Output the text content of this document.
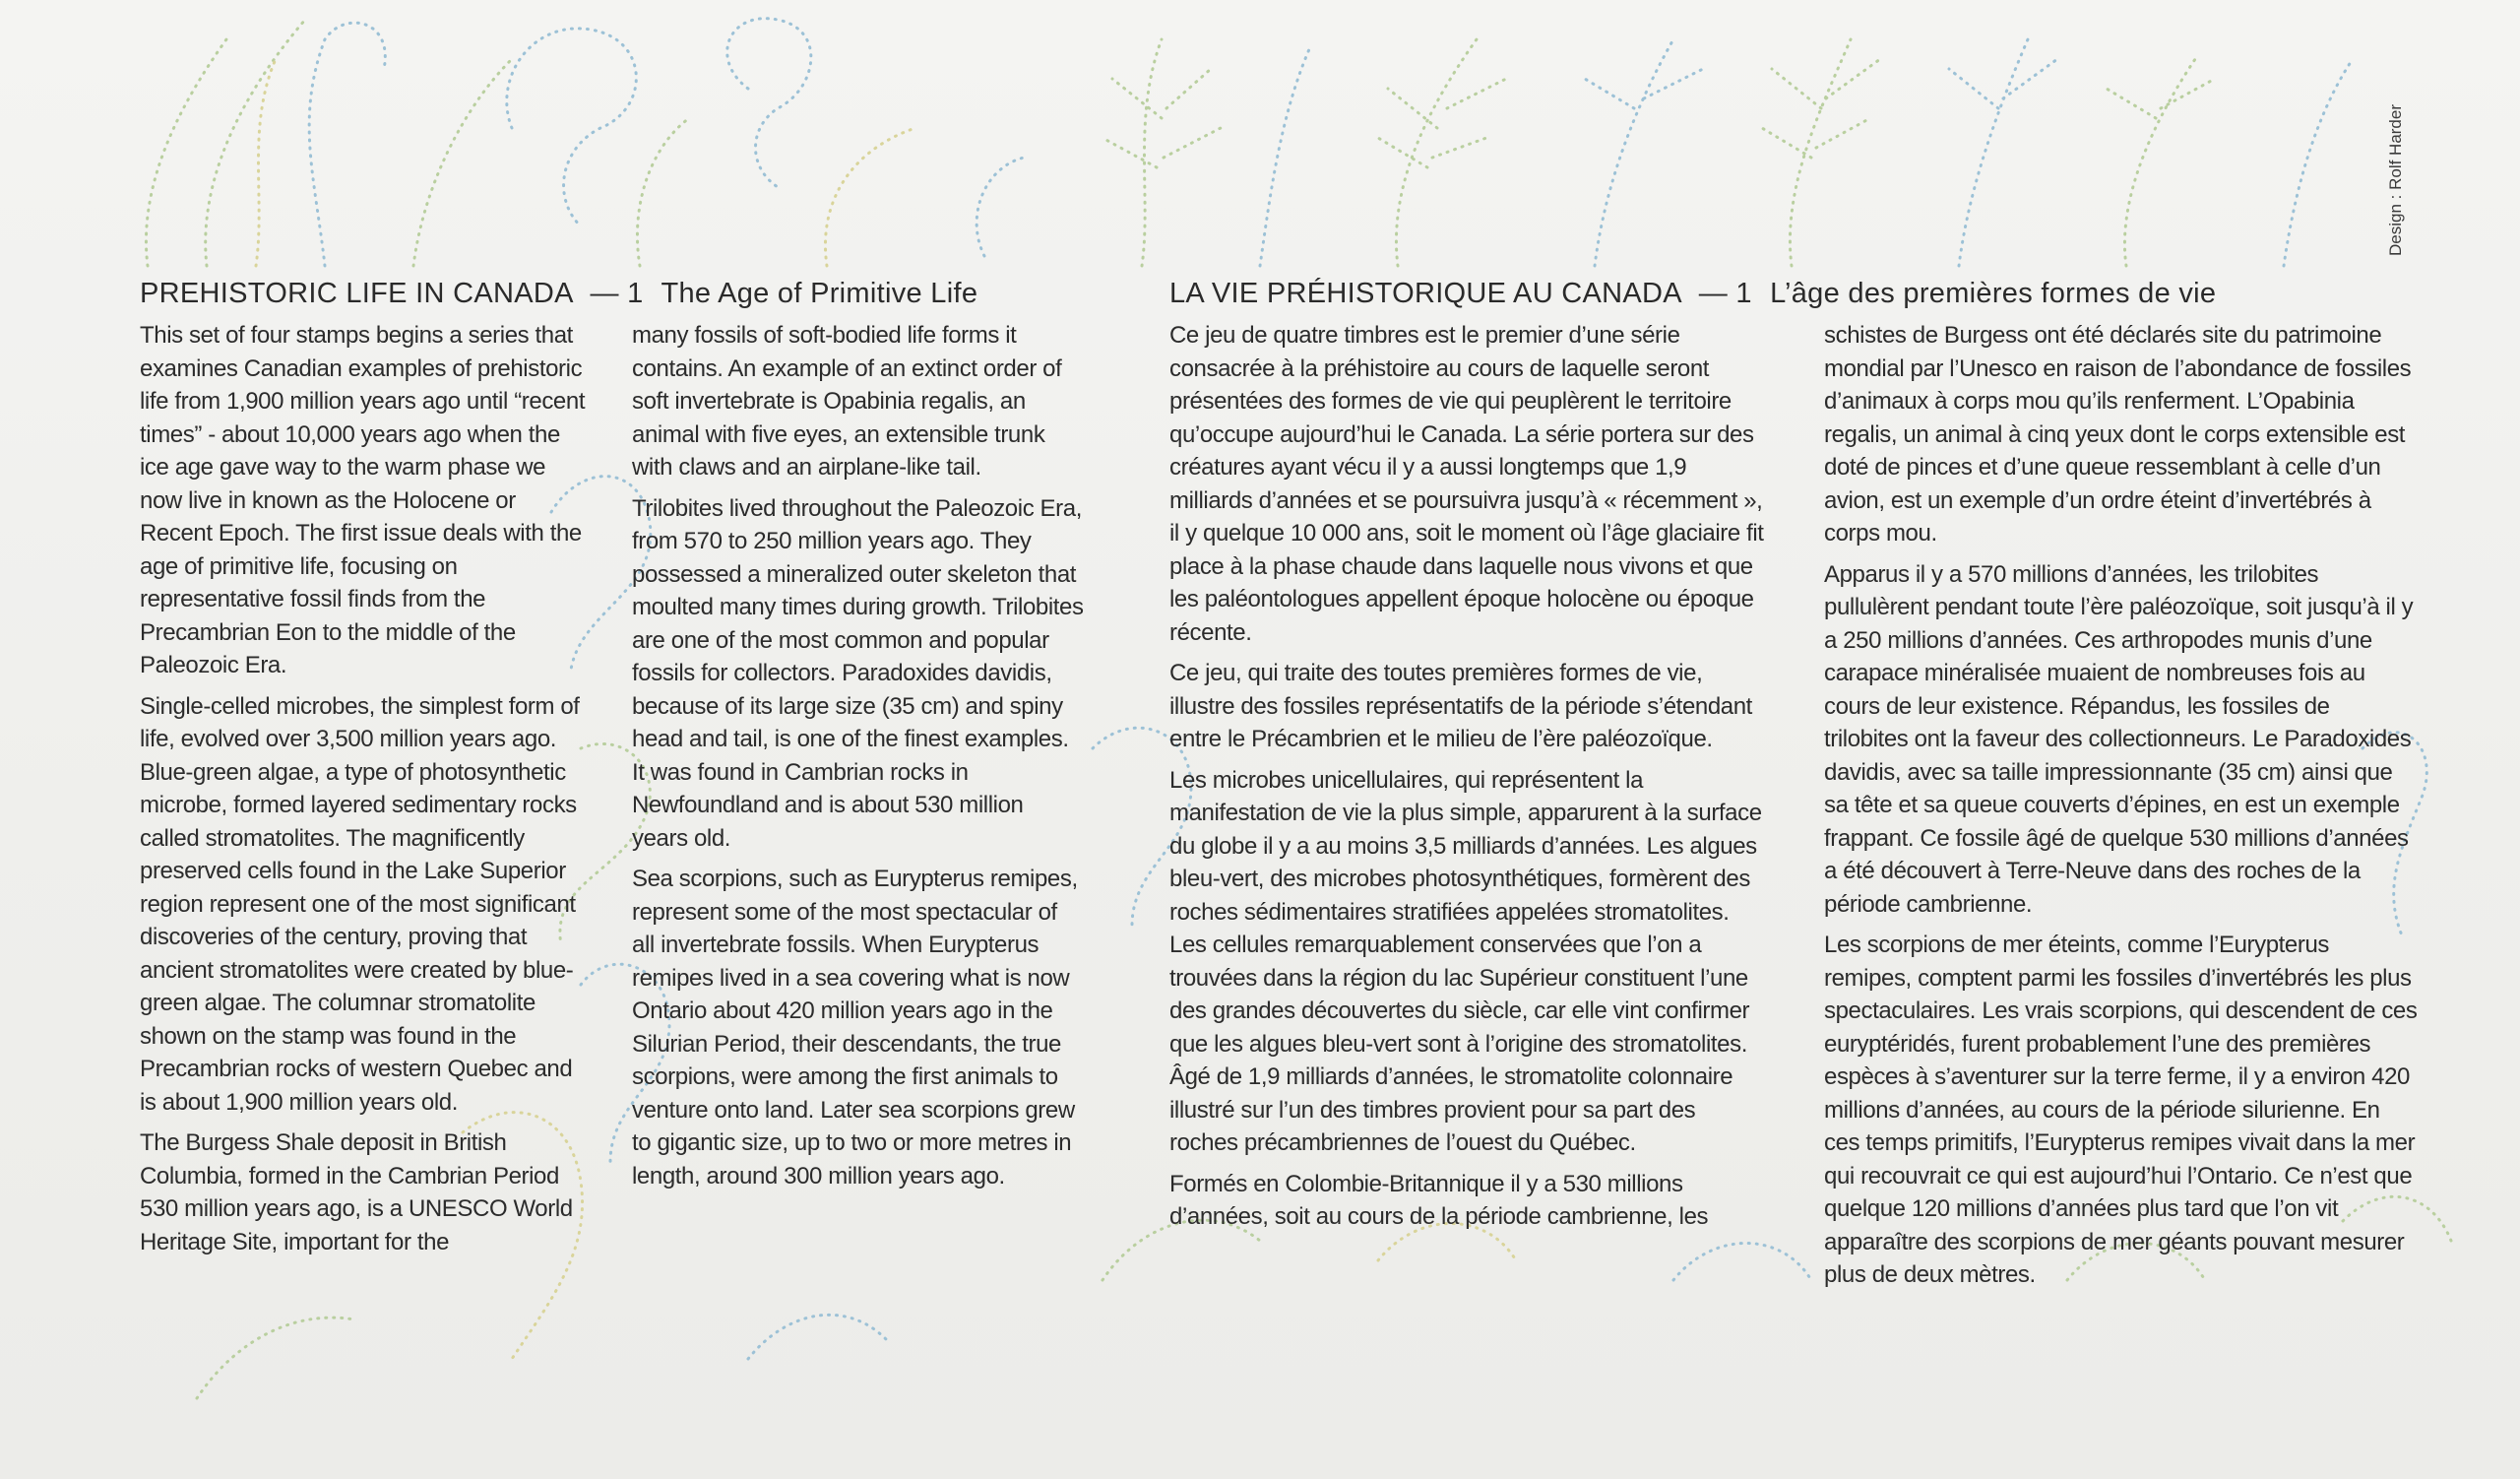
Design : Rolf Harder
PREHISTORIC LIFE IN CANADA — 1 The Age of Primitive Life

This set of four stamps begins a series that examines Canadian examples of prehistoric life from 1,900 million years ago until “recent times” - about 10,000 years ago when the ice age gave way to the warm phase we now live in known as the Holocene or Recent Epoch. The first issue deals with the age of primitive life, focusing on representative fossil finds from the Precambrian Eon to the middle of the Paleozoic Era.

Single-celled microbes, the simplest form of life, evolved over 3,500 million years ago. Blue-green algae, a type of photosynthetic microbe, formed layered sedimentary rocks called stromatolites. The magnificently preserved cells found in the Lake Superior region represent one of the most significant discoveries of the century, proving that ancient stromatolites were created by blue-green algae. The columnar stromatolite shown on the stamp was found in the Precambrian rocks of western Quebec and is about 1,900 million years old.

The Burgess Shale deposit in British Columbia, formed in the Cambrian Period 530 million years ago, is a UNESCO World Heritage Site, important for the

many fossils of soft-bodied life forms it contains. An example of an extinct order of soft invertebrate is Opabinia regalis, an animal with five eyes, an extensible trunk with claws and an airplane-like tail.

Trilobites lived throughout the Paleozoic Era, from 570 to 250 million years ago. They possessed a mineralized outer skeleton that moulted many times during growth. Trilobites are one of the most common and popular fossils for collectors. Paradoxides davidis, because of its large size (35 cm) and spiny head and tail, is one of the finest examples. It was found in Cambrian rocks in Newfoundland and is about 530 million years old.

Sea scorpions, such as Eurypterus remipes, represent some of the most spectacular of all invertebrate fossils. When Eurypterus remipes lived in a sea covering what is now Ontario about 420 million years ago in the Silurian Period, their descendants, the true scorpions, were among the first animals to venture onto land. Later sea scorpions grew to gigantic size, up to two or more metres in length, around 300 million years ago.

LA VIE PRÉHISTORIQUE AU CANADA — 1 L’âge des premières formes de vie

Ce jeu de quatre timbres est le premier d’une série consacrée à la préhistoire au cours de laquelle seront présentées des formes de vie qui peuplèrent le territoire qu’occupe aujourd’hui le Canada. La série portera sur des créatures ayant vécu il y a aussi longtemps que 1,9 milliards d’années et se poursuivra jusqu’à « récemment », il y quelque 10 000 ans, soit le moment où l’âge glaciaire fit place à la phase chaude dans laquelle nous vivons et que les paléontologues appellent époque holocène ou époque récente.

Ce jeu, qui traite des toutes premières formes de vie, illustre des fossiles représentatifs de la période s’étendant entre le Précambrien et le milieu de l’ère paléozoïque.

Les microbes unicellulaires, qui représentent la manifestation de vie la plus simple, apparurent à la surface du globe il y a au moins 3,5 milliards d’années. Les algues bleu-vert, des microbes photosynthétiques, formèrent des roches sédimentaires stratifiées appelées stromatolites. Les cellules remarquablement conservées que l’on a trouvées dans la région du lac Supérieur constituent l’une des grandes découvertes du siècle, car elle vint confirmer que les algues bleu-vert sont à l’origine des stromatolites. Âgé de 1,9 milliards d’années, le stromatolite colonnaire illustré sur l’un des timbres provient pour sa part des roches précambriennes de l’ouest du Québec.

Formés en Colombie-Britannique il y a 530 millions d’années, soit au cours de la période cambrienne, les

schistes de Burgess ont été déclarés site du patrimoine mondial par l’Unesco en raison de l’abondance de fossiles d’animaux à corps mou qu’ils renferment. L’Opabinia regalis, un animal à cinq yeux dont le corps extensible est doté de pinces et d’une queue ressemblant à celle d’un avion, est un exemple d’un ordre éteint d’invertébrés à corps mou.

Apparus il y a 570 millions d’années, les trilobites pullulèrent pendant toute l’ère paléozoïque, soit jusqu’à il y a 250 millions d’années. Ces arthropodes munis d’une carapace minéralisée muaient de nombreuses fois au cours de leur existence. Répandus, les fossiles de trilobites ont la faveur des collectionneurs. Le Paradoxides davidis, avec sa taille impressionnante (35 cm) ainsi que sa tête et sa queue couverts d’épines, en est un exemple frappant. Ce fossile âgé de quelque 530 millions d’années a été découvert à Terre-Neuve dans des roches de la période cambrienne.

Les scorpions de mer éteints, comme l’Eurypterus remipes, comptent parmi les fossiles d’invertébrés les plus spectaculaires. Les vrais scorpions, qui descendent de ces euryptéridés, furent probablement l’une des premières espèces à s’aventurer sur la terre ferme, il y a environ 420 millions d’années, au cours de la période silurienne. En ces temps primitifs, l’Eurypterus remipes vivait dans la mer qui recouvrait ce qui est aujourd’hui l’Ontario. Ce n’est que quelque 120 millions d’années plus tard que l’on vit apparaître des scorpions de mer géants pouvant mesurer plus de deux mètres.
